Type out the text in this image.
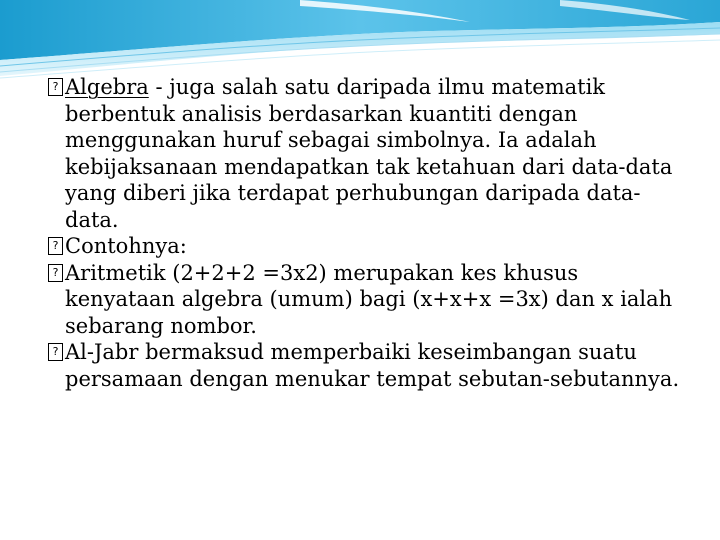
? Algebra - juga salah satu daripada ilmu matematik berbentuk analisis berdasarkan kuantiti dengan menggunakan huruf sebagai simbolnya. Ia adalah kebijaksanaan mendapatkan tak ketahuan dari data-data yang diberi jika terdapat perhubungan daripada data-data.

? Contohnya:

? Aritmetik (2+2+2 =3x2) merupakan kes khusus kenyataan algebra (umum) bagi (x+x+x =3x) dan x ialah sebarang nombor.

? Al-Jabr bermaksud memperbaiki keseimbangan suatu persamaan dengan menukar tempat sebutan-sebutannya.
